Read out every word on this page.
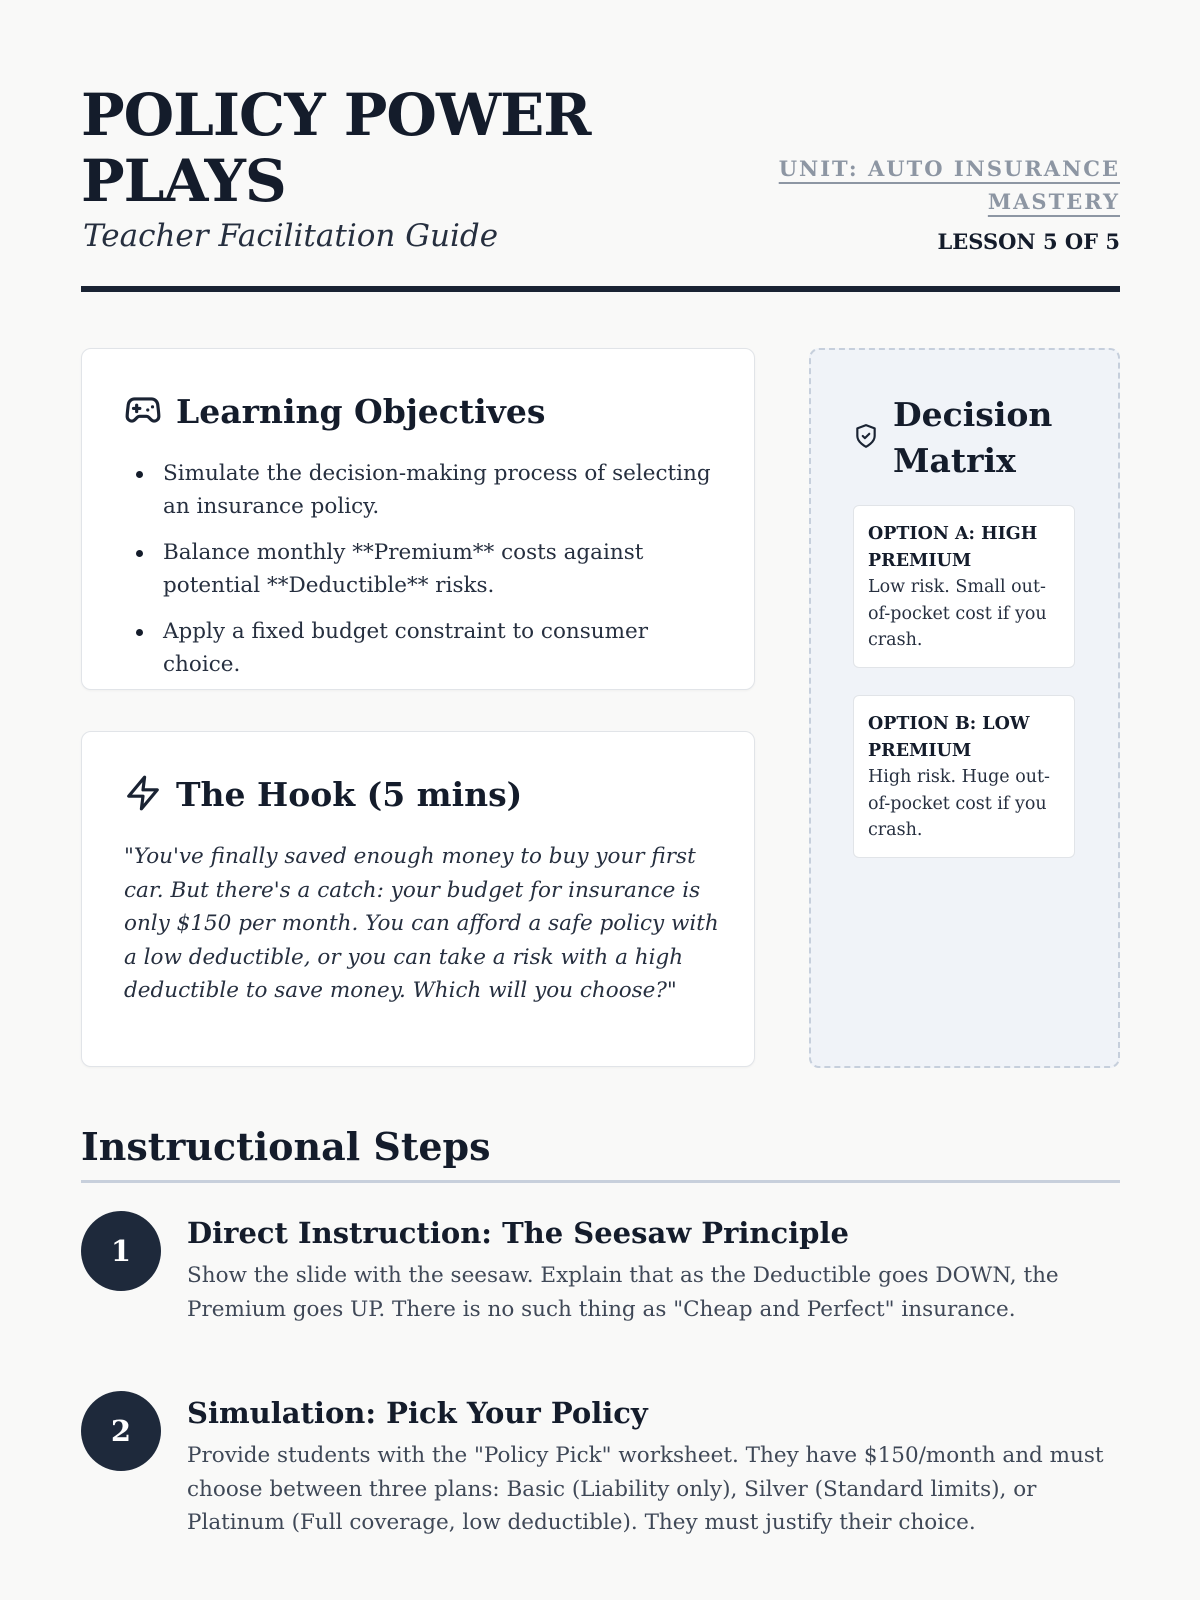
POLICY POWER PLAYS
Teacher Facilitation Guide
UNIT: AUTO INSURANCE MASTERY
LESSON 5 OF 5
Learning Objectives
Simulate the decision-making process of selecting an insurance policy.
Balance monthly **Premium** costs against potential **Deductible** risks.
Apply a fixed budget constraint to consumer choice.
The Hook (5 mins)

"You've finally saved enough money to buy your first car. But there's a catch: your budget for insurance is only $150 per month. You can afford a safe policy with a low deductible, or you can take a risk with a high deductible to save money. Which will you choose?"

Decision Matrix

OPTION A: HIGH PREMIUM

Low risk. Small out-of-pocket cost if you crash.

OPTION B: LOW PREMIUM

High risk. Huge out-of-pocket cost if you crash.

Instructional Steps
1
Direct Instruction: The Seesaw Principle

Show the slide with the seesaw. Explain that as the Deductible goes DOWN, the Premium goes UP. There is no such thing as "Cheap and Perfect" insurance.

2
Simulation: Pick Your Policy

Provide students with the "Policy Pick" worksheet. They have $150/month and must choose between three plans: Basic (Liability only), Silver (Standard limits), or Platinum (Full coverage, low deductible). They must justify their choice.
